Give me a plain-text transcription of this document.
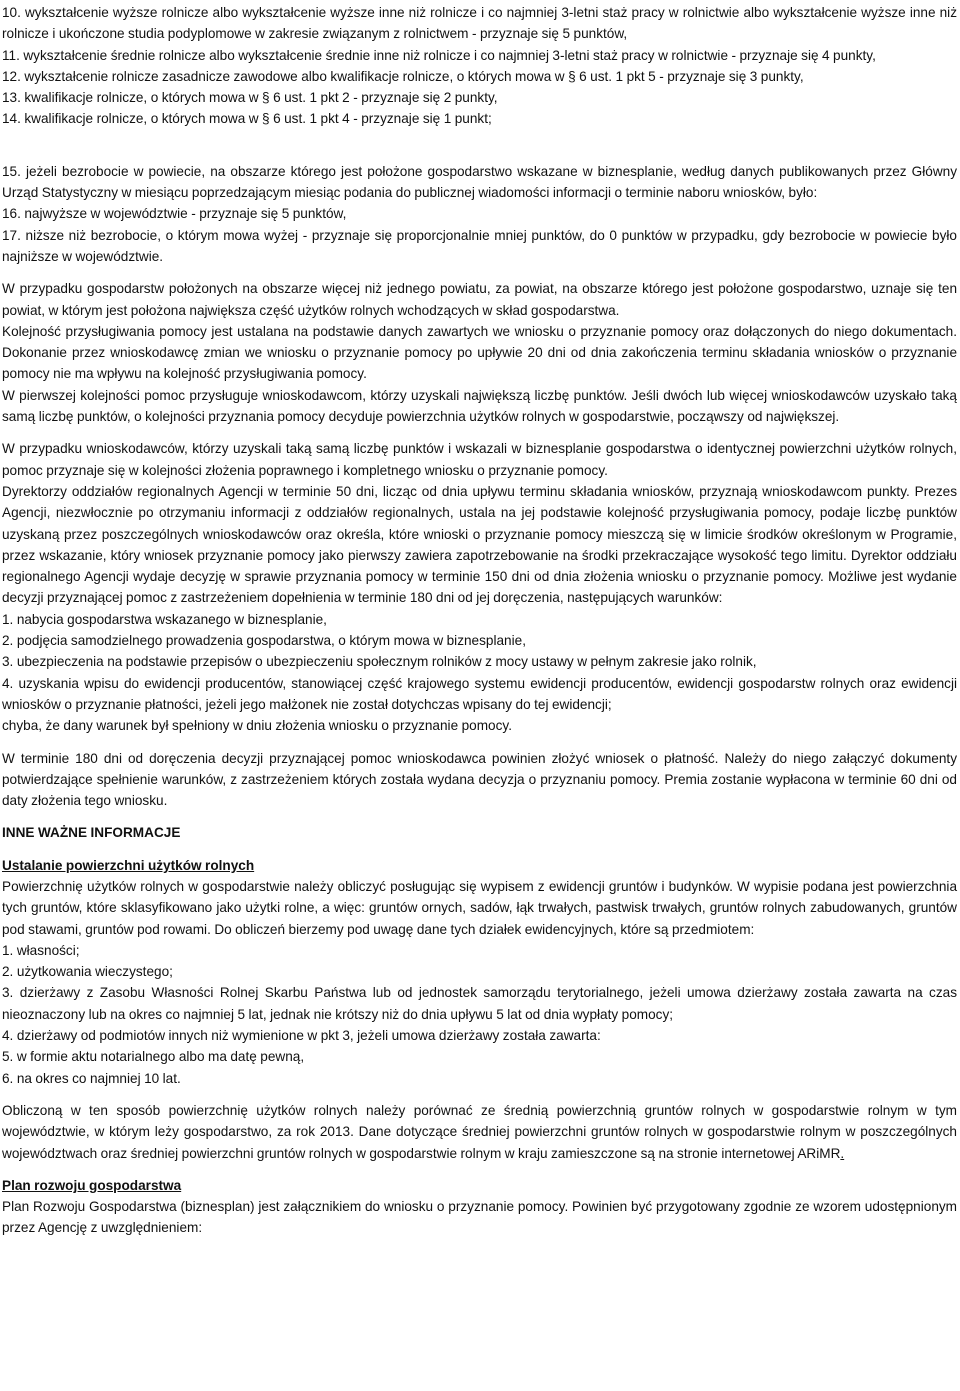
10. wykształcenie wyższe rolnicze albo wykształcenie wyższe inne niż rolnicze i co najmniej 3-letni staż pracy w rolnictwie albo wykształcenie wyższe inne niż rolnicze i ukończone studia podyplomowe w zakresie związanym z rolnictwem - przyznaje się 5 punktów,

11. wykształcenie średnie rolnicze albo wykształcenie średnie inne niż rolnicze i co najmniej 3-letni staż pracy w rolnictwie - przyznaje się 4 punkty,

12. wykształcenie rolnicze zasadnicze zawodowe albo kwalifikacje rolnicze, o których mowa w § 6 ust. 1 pkt 5 - przyznaje się 3 punkty,

13. kwalifikacje rolnicze, o których mowa w § 6 ust. 1 pkt 2 - przyznaje się 2 punkty,

14. kwalifikacje rolnicze, o których mowa w § 6 ust. 1 pkt 4 - przyznaje się 1 punkt;

15. jeżeli bezrobocie w powiecie, na obszarze którego jest położone gospodarstwo wskazane w biznesplanie, według danych publikowanych przez Główny Urząd Statystyczny w miesiącu poprzedzającym miesiąc podania do publicznej wiadomości informacji o terminie naboru wniosków, było:

16. najwyższe w województwie - przyznaje się 5 punktów,

17. niższe niż bezrobocie, o którym mowa wyżej - przyznaje się proporcjonalnie mniej punktów, do 0 punktów w przypadku, gdy bezrobocie w powiecie było najniższe w województwie.

W przypadku gospodarstw położonych na obszarze więcej niż jednego powiatu, za powiat, na obszarze którego jest położone gospodarstwo, uznaje się ten powiat, w którym jest położona największa część użytków rolnych wchodzących w skład gospodarstwa.

Kolejność przysługiwania pomocy jest ustalana na podstawie danych zawartych we wniosku o przyznanie pomocy oraz dołączonych do niego dokumentach. Dokonanie przez wnioskodawcę zmian we wniosku o przyznanie pomocy po upływie 20 dni od dnia zakończenia terminu składania wniosków o przyznanie pomocy nie ma wpływu na kolejność przysługiwania pomocy.

W pierwszej kolejności pomoc przysługuje wnioskodawcom, którzy uzyskali największą liczbę punktów. Jeśli dwóch lub więcej wnioskodawców uzyskało taką samą liczbę punktów, o kolejności przyznania pomocy decyduje powierzchnia użytków rolnych w gospodarstwie, począwszy od największej.

W przypadku wnioskodawców, którzy uzyskali taką samą liczbę punktów i wskazali w biznesplanie gospodarstwa o identycznej powierzchni użytków rolnych, pomoc przyznaje się w kolejności złożenia poprawnego i kompletnego wniosku o przyznanie pomocy.

Dyrektorzy oddziałów regionalnych Agencji w terminie 50 dni, licząc od dnia upływu terminu składania wniosków, przyznają wnioskodawcom punkty. Prezes Agencji, niezwłocznie po otrzymaniu informacji z oddziałów regionalnych, ustala na jej podstawie kolejność przysługiwania pomocy, podaje liczbę punktów uzyskaną przez poszczególnych wnioskodawców oraz określa, które wnioski o przyznanie pomocy mieszczą się w limicie środków określonym w Programie, przez wskazanie, który wniosek przyznanie pomocy jako pierwszy zawiera zapotrzebowanie na środki przekraczające wysokość tego limitu. Dyrektor oddziału regionalnego Agencji wydaje decyzję w sprawie przyznania pomocy w terminie 150 dni od dnia złożenia wniosku o przyznanie pomocy. Możliwe jest wydanie decyzji przyznającej pomoc z zastrzeżeniem dopełnienia w terminie 180 dni od jej doręczenia, następujących warunków:

1. nabycia gospodarstwa wskazanego w biznesplanie,

2. podjęcia samodzielnego prowadzenia gospodarstwa, o którym mowa w biznesplanie,

3. ubezpieczenia na podstawie przepisów o ubezpieczeniu społecznym rolników z mocy ustawy w pełnym zakresie jako rolnik,

4. uzyskania wpisu do ewidencji producentów, stanowiącej część krajowego systemu ewidencji producentów, ewidencji gospodarstw rolnych oraz ewidencji wniosków o przyznanie płatności, jeżeli jego małżonek nie został dotychczas wpisany do tej ewidencji;

chyba, że dany warunek był spełniony w dniu złożenia wniosku o przyznanie pomocy.

W terminie 180 dni od doręczenia decyzji przyznającej pomoc wnioskodawca powinien złożyć wniosek o płatność. Należy do niego załączyć dokumenty potwierdzające spełnienie warunków, z zastrzeżeniem których została wydana decyzja o przyznaniu pomocy. Premia zostanie wypłacona w terminie 60 dni od daty złożenia tego wniosku.

INNE WAŻNE INFORMACJE

Ustalanie powierzchni użytków rolnych

Powierzchnię użytków rolnych w gospodarstwie należy obliczyć posługując się wypisem z ewidencji gruntów i budynków. W wypisie podana jest powierzchnia tych gruntów, które sklasyfikowano jako użytki rolne, a więc: gruntów ornych, sadów, łąk trwałych, pastwisk trwałych, gruntów rolnych zabudowanych, gruntów pod stawami, gruntów pod rowami. Do obliczeń bierzemy pod uwagę dane tych działek ewidencyjnych, które są przedmiotem:

1. własności;

2. użytkowania wieczystego;

3. dzierżawy z Zasobu Własności Rolnej Skarbu Państwa lub od jednostek samorządu terytorialnego, jeżeli umowa dzierżawy została zawarta na czas nieoznaczony lub na okres co najmniej 5 lat, jednak nie krótszy niż do dnia upływu 5 lat od dnia wypłaty pomocy;

4. dzierżawy od podmiotów innych niż wymienione w pkt 3, jeżeli umowa dzierżawy została zawarta:

5. w formie aktu notarialnego albo ma datę pewną,

6. na okres co najmniej 10 lat.

Obliczoną w ten sposób powierzchnię użytków rolnych należy porównać ze średnią powierzchnią gruntów rolnych w gospodarstwie rolnym w tym województwie, w którym leży gospodarstwo, za rok 2013. Dane dotyczące średniej powierzchni gruntów rolnych w gospodarstwie rolnym w poszczególnych województwach oraz średniej powierzchni gruntów rolnych w gospodarstwie rolnym w kraju zamieszczone są na stronie internetowej ARiMR.

Plan rozwoju gospodarstwa

Plan Rozwoju Gospodarstwa (biznesplan) jest załącznikiem do wniosku o przyznanie pomocy. Powinien być przygotowany zgodnie ze wzorem udostępnionym przez Agencję z uwzględnieniem:
